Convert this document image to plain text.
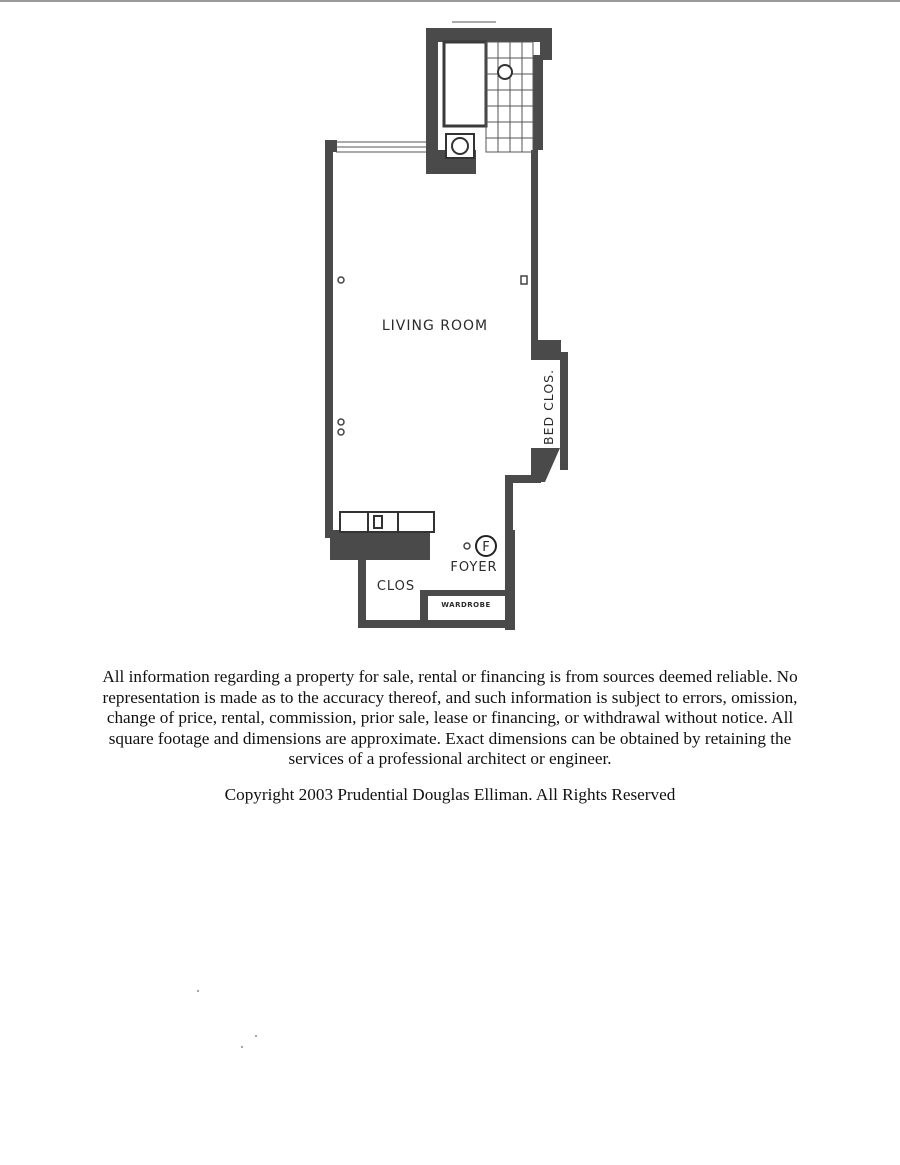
F
LIVING ROOM
BED CLOS.
FOYER
CLOS
WARDROBE
All information regarding a property for sale, rental or financing is from sources deemed reliable. No representation is made as to the accuracy thereof, and such information is subject to errors, omission, change of price, rental, commission, prior sale, lease or financing, or withdrawal without notice. All square footage and dimensions are approximate. Exact dimensions can be obtained by retaining the services of a professional architect or engineer.
Copyright 2003 Prudential Douglas Elliman. All Rights Reserved
